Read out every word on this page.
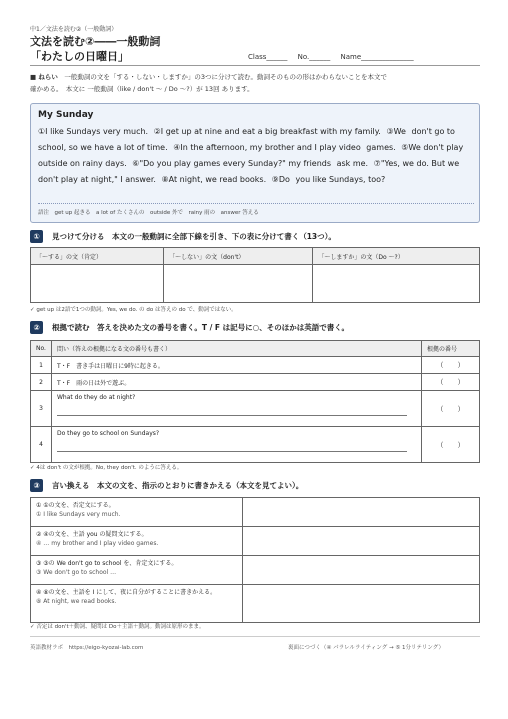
中1／文法を読む②（一般動詞）
文法を読む②――一般動詞
「わたしの日曜日」	Class______ No.______ Name_______________
■ ねらい　 一般動詞の文を「する・しない・しますか」の3つに分けて読む。動詞そのものの形はかわらないことを本文で
確かめる。　本文に 一般動詞（like / don't ～ / Do ～?）が 13回 あります。
My Sunday
①I like Sundays very much. ②I get up at nine and eat a big breakfast with my family. ③We don't go to school, so we have a lot of time. ④In the afternoon, my brother and I play video games. ⑤We don't play outside on rainy days. ⑥"Do you play games every Sunday?" my friends ask me. ⑦"Yes, we do. But we don't play at night," I answer. ⑧At night, we read books. ⑨Do you like Sundays, too?
語注　get up 起きる　a lot of たくさんの　outside 外で　rainy 雨の　answer 答える
①	見つけて分ける　本文の一般動詞に全部下線を引き、下の表に分けて書く（13つ）。
「～する」の文（肯定）	「～しない」の文（don't）	「～しますか」の文（Do ～?）

✓ get up は2語で1つの動詞。Yes, we do. の do は答えの do で、動詞ではない。
②	根拠で読む　答えを決めた文の番号を書く。T / F は記号に○、そのほかは英語で書く。
No.	問い（答えの根拠になる文の番号も書く）	根拠の番号
1	T・F　書き手は日曜日に9時に起きる。	（　　）
2	T・F　雨の日は外で遊ぶ。	（　　）
3	What do they do at night?	（　　）
4	Do they go to school on Sundays?	（　　）
✓ 4は don't の文が根拠。No, they don't. のように答える。
③	言い換える　本文の文を、指示のとおりに書きかえる（本文を見てよい）。
① ①の文を、否定文にする。
① I like Sundays very much.	

② ④の文を、主語 you の疑問文にする。
④ … my brother and I play video games.	

③ ③の We don't go to school を、肯定文にする。
③ We don't go to school …	

④ ⑧の文を、主語を I にして、夜に自分がすることに書きかえる。
⑧ At night, we read books.	

✓ 否定は don't＋動詞、疑問は Do＋主語＋動詞。動詞は原形のまま。
英語教材ラボ　https://eigo-kyozai-lab.com	裏面につづく（④ パラレルライティング → ⑤ 1分リテリング）
